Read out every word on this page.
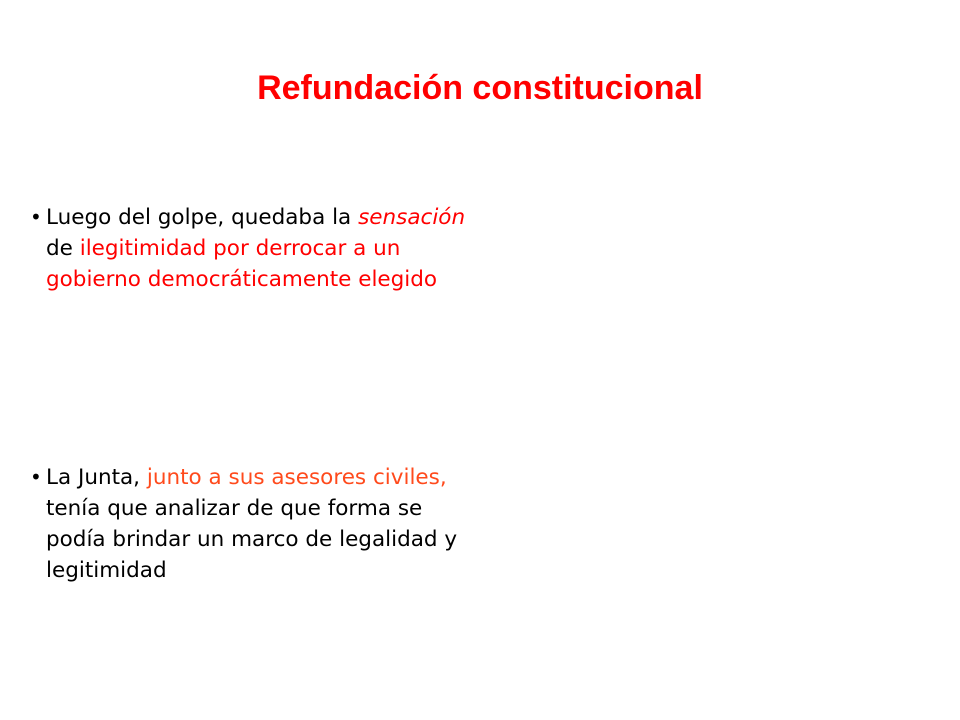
Refundación constitucional
• Luego del golpe, quedaba la sensación de ilegitimidad por derrocar a un gobierno democráticamente elegido
• La Junta, junto a sus asesores civiles, tenía que analizar de que forma se podía brindar un marco de legalidad y legitimidad
